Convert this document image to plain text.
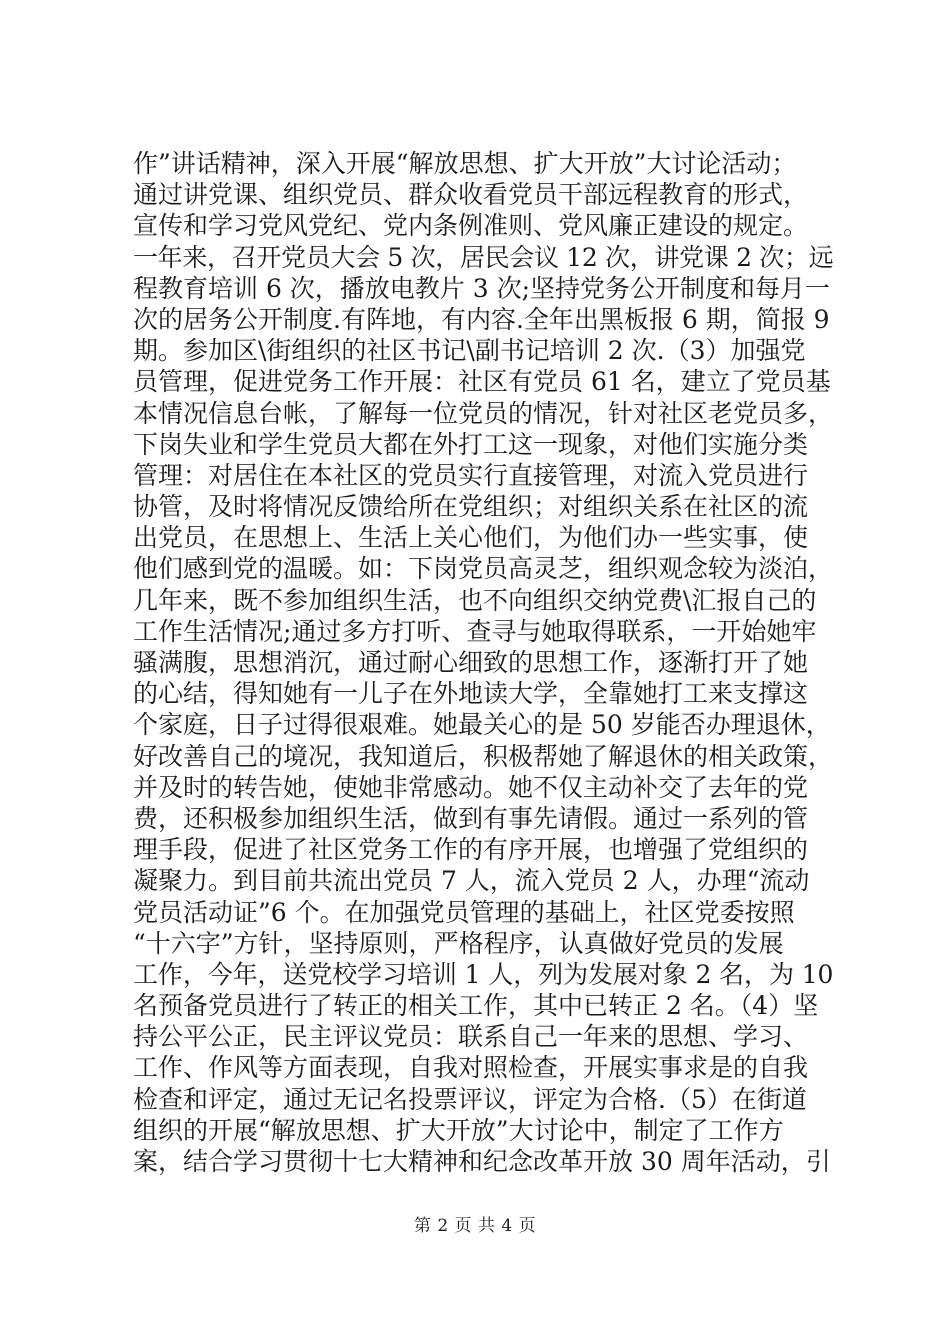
作”讲话精神，深入开展“解放思想、扩大开放”大讨论活动；
通过讲党课、组织党员、群众收看党员干部远程教育的形式，
宣传和学习党风党纪、党内条例准则、党风廉正建设的规定。
一年来，召开党员大会 5 次，居民会议 12 次，讲党课 2 次；远
程教育培训 6 次，播放电教片 3 次;坚持党务公开制度和每月一
次的居务公开制度.有阵地，有内容.全年出黑板报 6 期，简报 9
期。参加区\街组织的社区书记\副书记培训 2 次.（3）加强党
员管理，促进党务工作开展：社区有党员 61 名，建立了党员基
本情况信息台帐，了解每一位党员的情况，针对社区老党员多，
下岗失业和学生党员大都在外打工这一现象，对他们实施分类
管理：对居住在本社区的党员实行直接管理，对流入党员进行
协管，及时将情况反馈给所在党组织；对组织关系在社区的流
出党员，在思想上、生活上关心他们，为他们办一些实事，使
他们感到党的温暖。如：下岗党员高灵芝，组织观念较为淡泊，
几年来，既不参加组织生活，也不向组织交纳党费\汇报自己的
工作生活情况;通过多方打听、查寻与她取得联系，一开始她牢
骚满腹，思想消沉，通过耐心细致的思想工作，逐渐打开了她
的心结，得知她有一儿子在外地读大学，全靠她打工来支撑这
个家庭，日子过得很艰难。她最关心的是 50 岁能否办理退休，
好改善自己的境况，我知道后，积极帮她了解退休的相关政策，
并及时的转告她，使她非常感动。她不仅主动补交了去年的党
费，还积极参加组织生活，做到有事先请假。通过一系列的管
理手段，促进了社区党务工作的有序开展，也增强了党组织的
凝聚力。到目前共流出党员 7 人，流入党员 2 人，办理“流动
党员活动证”6 个。在加强党员管理的基础上，社区党委按照
“十六字”方针，坚持原则，严格程序，认真做好党员的发展
工作，今年，送党校学习培训 1 人，列为发展对象 2 名，为 10
名预备党员进行了转正的相关工作，其中已转正 2 名。（4）坚
持公平公正，民主评议党员：联系自己一年来的思想、学习、
工作、作风等方面表现，自我对照检查，开展实事求是的自我
检查和评定，通过无记名投票评议，评定为合格.（5）在街道
组织的开展“解放思想、扩大开放”大讨论中，制定了工作方
案，结合学习贯彻十七大精神和纪念改革开放 30 周年活动，引
第 2 页 共 4 页
